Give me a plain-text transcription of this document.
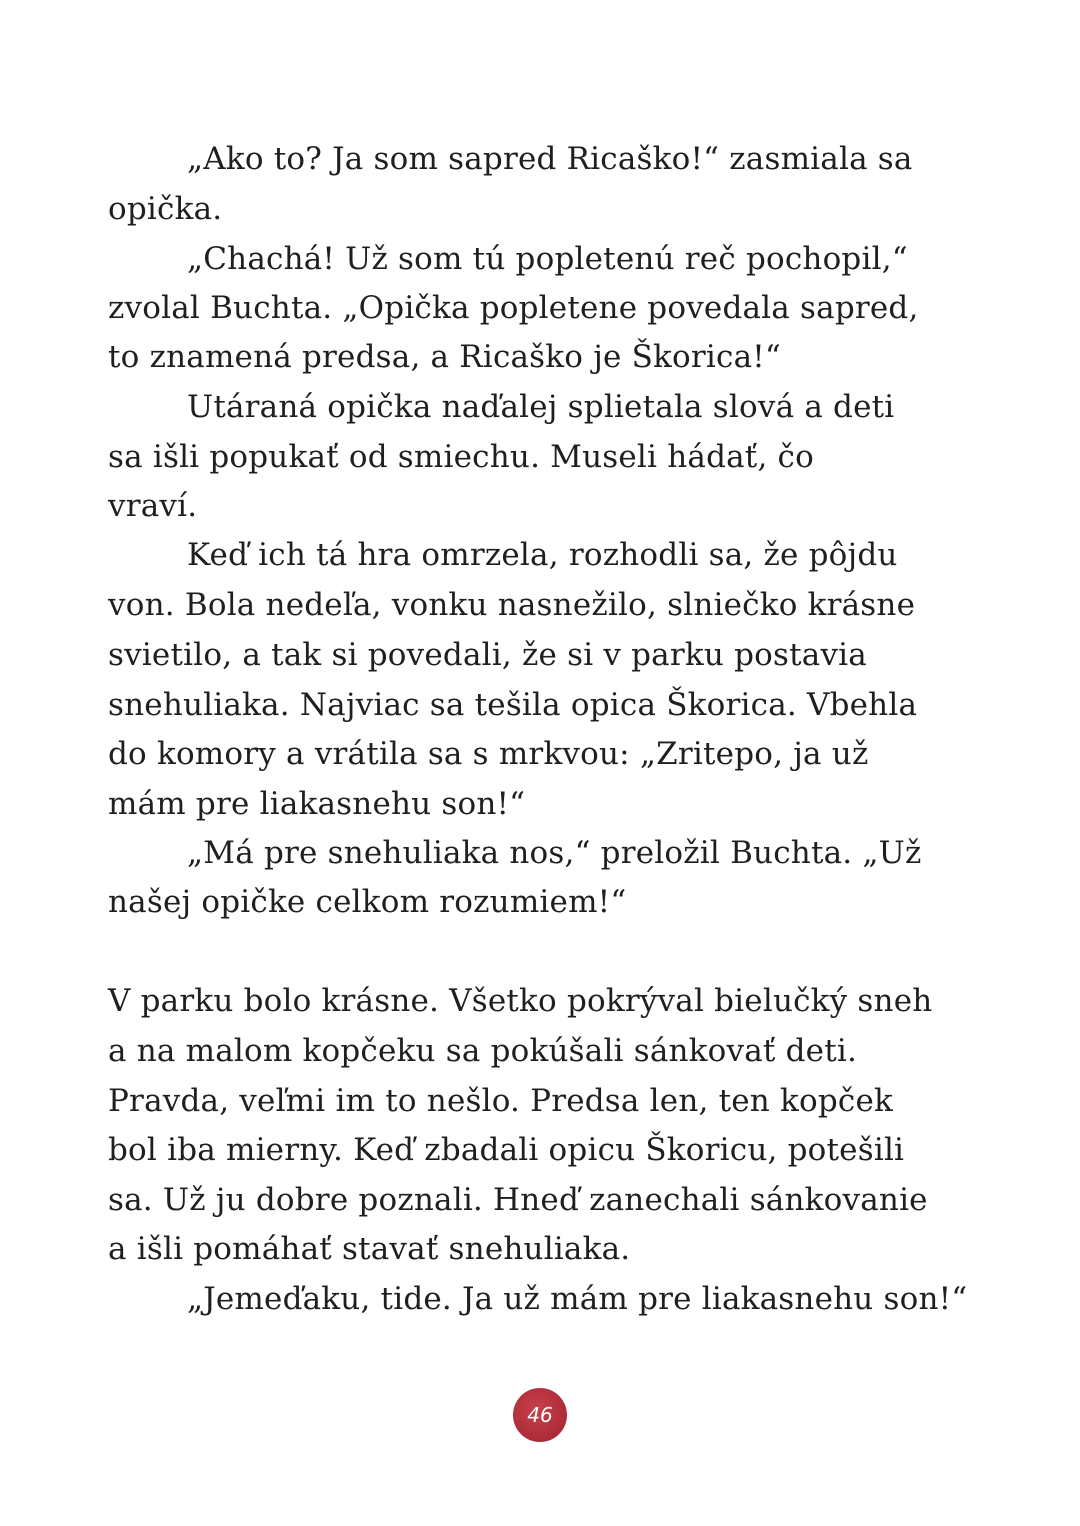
„Ako to? Ja som sapred Ricaško!“ zasmiala sa
opička.
„Chachá! Už som tú popletenú reč pochopil,“
zvolal Buchta. „Opička popletene povedala sapred,
to znamená predsa, a Ricaško je Škorica!“
Utáraná opička naďalej splietala slová a deti
sa išli popukať od smiechu. Museli hádať, čo
vraví.
Keď ich tá hra omrzela, rozhodli sa, že pôjdu
von. Bola nedeľa, vonku nasnežilo, slniečko krásne
svietilo, a tak si povedali, že si v parku postavia
snehuliaka. Najviac sa tešila opica Škorica. Vbehla
do komory a vrátila sa s mrkvou: „Zritepo, ja už
mám pre liakasnehu son!“
„Má pre snehuliaka nos,“ preložil Buchta. „Už
našej opičke celkom rozumiem!“
V parku bolo krásne. Všetko pokrýval bielučký sneh
a na malom kopčeku sa pokúšali sánkovať deti.
Pravda, veľmi im to nešlo. Predsa len, ten kopček
bol iba mierny. Keď zbadali opicu Škoricu, potešili
sa. Už ju dobre poznali. Hneď zanechali sánkovanie
a išli pomáhať stavať snehuliaka.
„Jemeďaku, tide. Ja už mám pre liakasnehu son!“
46
